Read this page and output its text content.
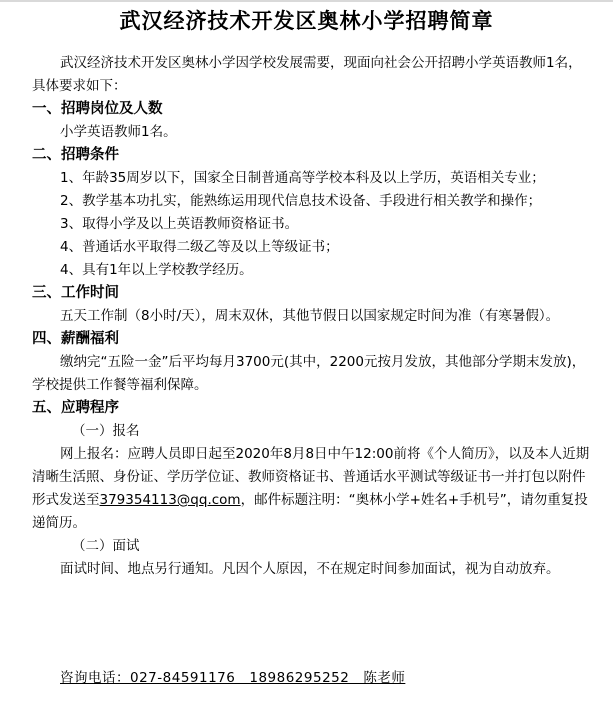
武汉经济技术开发区奥林小学招聘简章

武汉经济技术开发区奥林小学因学校发展需要，现面向社会公开招聘小学英语教师1名，具体要求如下：

一、招聘岗位及人数

小学英语教师1名。

二、招聘条件

1、年龄35周岁以下，国家全日制普通高等学校本科及以上学历，英语相关专业；

2、教学基本功扎实，能熟练运用现代信息技术设备、手段进行相关教学和操作；

3、取得小学及以上英语教师资格证书。

4、普通话水平取得二级乙等及以上等级证书；

4、具有1年以上学校教学经历。

三、工作时间

五天工作制（8小时/天），周末双休，其他节假日以国家规定时间为准（有寒暑假）。

四、薪酬福利

缴纳完“五险一金”后平均每月3700元(其中，2200元按月发放，其他部分学期末发放)，学校提供工作餐等福利保障。

五、应聘程序

（一）报名

网上报名：应聘人员即日起至2020年8月8日中午12:00前将《个人简历》，以及本人近期清晰生活照、身份证、学历学位证、教师资格证书、普通话水平测试等级证书一并打包以附件形式发送至379354113@qq.com，邮件标题注明：“奥林小学+姓名+手机号”，请勿重复投递简历。

（二）面试

面试时间、地点另行通知。凡因个人原因，不在规定时间参加面试，视为自动放弃。

咨询电话：027-84591176　18986295252　陈老师
